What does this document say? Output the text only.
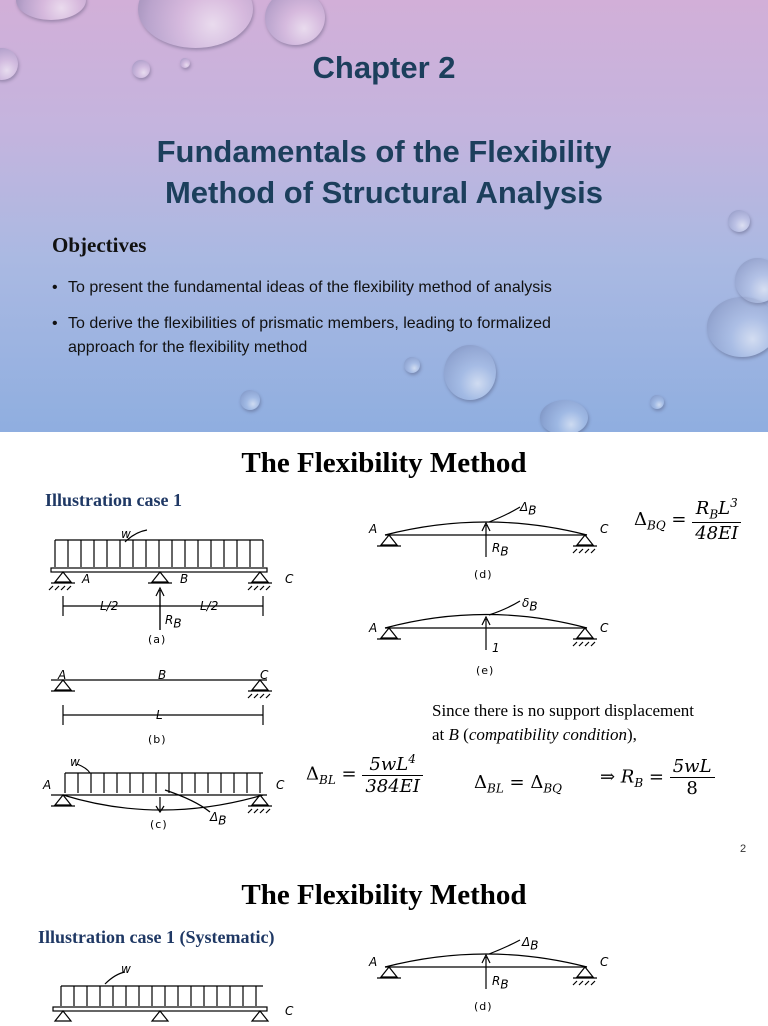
Chapter 2
Fundamentals of the Flexibility
Method of Structural Analysis
Objectives
• To present the fundamental ideas of the flexibility method of analysis
• To derive the flexibilities of prismatic members, leading to formalized
approach for the flexibility method
The Flexibility Method
Illustration case 1
w
A	B	C
L/2	L/2
$R_B$
(a)
A	B	C
L
(b)
w
A	C
$\Delta_B$
(c)
$\Delta_B$
A	C
$R_B$
(d)
$\delta_B$
A	C
1
(e)
$\Delta_{BQ} = \frac{R_BL^3}{48EI}$
Since there is no support displacement
at B (compatibility condition),
$\Delta_{BL} = \frac{5wL^4}{384EI}$	$\Delta_{BL} = \Delta_{BQ}$
⇒ $R_B = \frac{5wL}{8}$
2
The Flexibility Method
Illustration case 1 (Systematic)	$\Delta_B$
A	C
$R_B$
(d)
w
C
